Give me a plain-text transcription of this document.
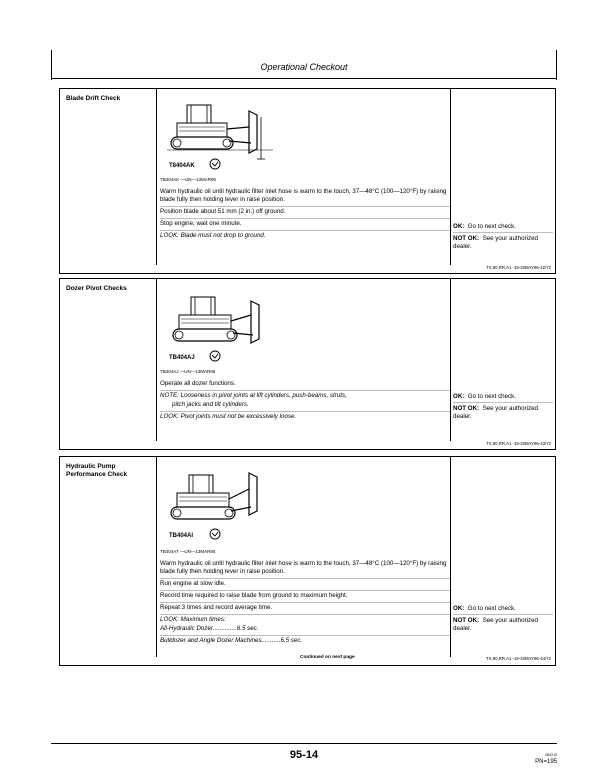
Operational Checkout
Blade Drift Check
T8404AK
TB404AK —UN—13MAR95
Warm hydraulic oil until hydraulic filter inlet hose is warm to the touch, 37—48°C (100—120°F) by raising blade fully then holding lever in raise position.
Position blade about 51 mm (2 in.) off ground.
Stop engine, wait one minute.
LOOK: Blade must not drop to ground.
OK: Go to next check.
NOT OK: See your authorized dealer.
TX,90,RR,A1 -19-20MAY96-42/72
Dozer Pivot Checks
TB404AJ
TB404AJ —UN—13MAR95
Operate all dozer functions.
NOTE: Looseness in pivot joints at lift cylinders, push-beams, struts,
pitch jacks and tilt cylinders.
LOOK: Pivot joints must not be excessively loose.
OK: Go to next check.
NOT OK: See your authorized dealer.
TX,90,RR,A1 -19-20MAY96-43/72
Hydraulic Pump Performance Check
TB404AI
TB404AT —UN—13MAR95
Warm hydraulic oil until hydraulic filter inlet hose is warm to the touch, 37—48°C (100—120°F) by raising blade fully then holding lever in raise position.
Run engine at slow idle.
Record time required to raise blade from ground to maximum height.
Repeat 3 times and record average time.
LOOK: Maximum times:
All-Hydraulic Dozer..............6.5 sec.
Bulldozer and Angle Dozer Machines...........6.5 sec.
OK: Go to next check.
NOT OK: See your authorized dealer.
Continued on next page	TX,90,RR,A1 -19-20MAY96-44/72
95-14	050213
PN=195
